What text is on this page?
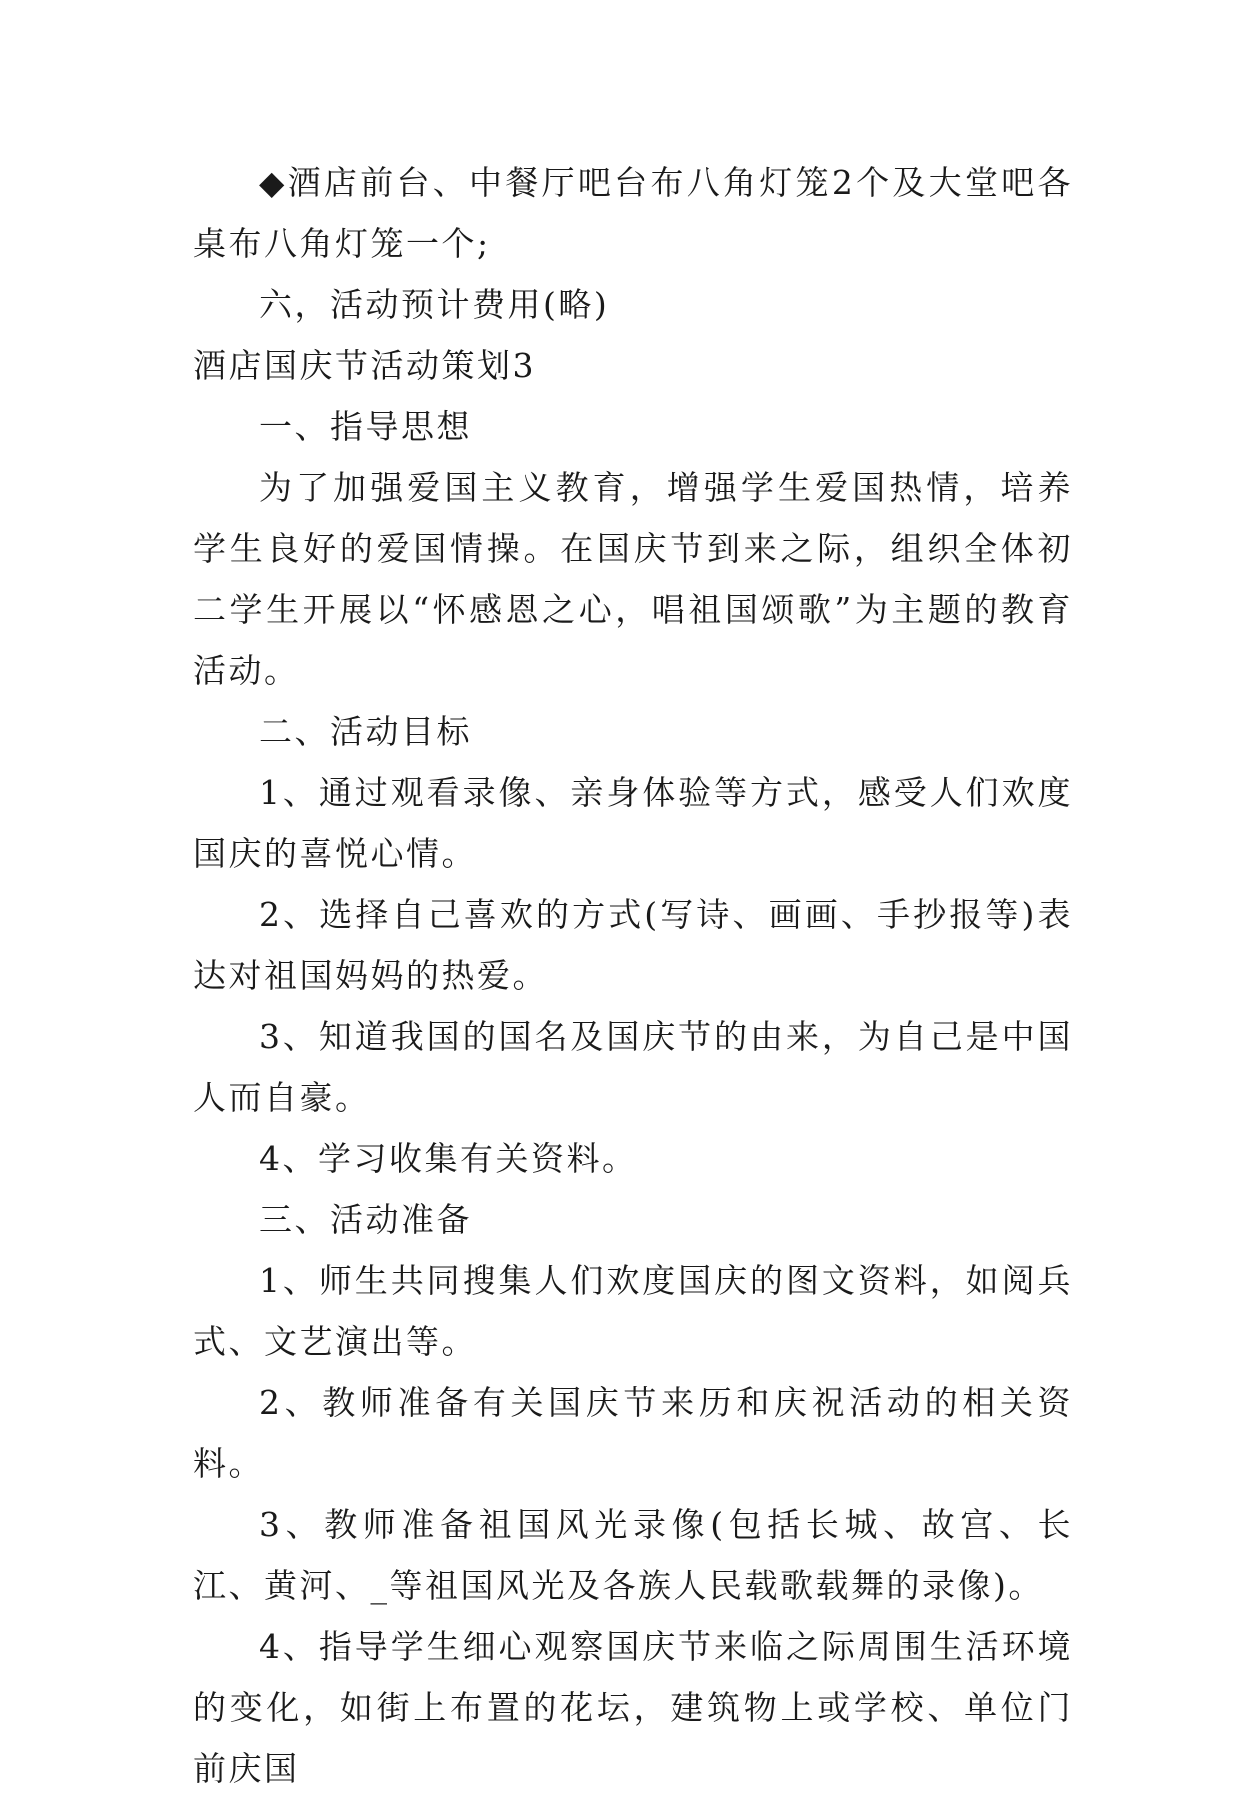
◆酒店前台、中餐厅吧台布八角灯笼2个及大堂吧各桌布八角灯笼一个;

六，活动预计费用(略)

酒店国庆节活动策划3

一、指导思想

为了加强爱国主义教育，增强学生爱国热情，培养学生良好的爱国情操。在国庆节到来之际，组织全体初二学生开展以“怀感恩之心，唱祖国颂歌”为主题的教育活动。

二、活动目标

1、通过观看录像、亲身体验等方式，感受人们欢度国庆的喜悦心情。

2、选择自己喜欢的方式(写诗、画画、手抄报等)表达对祖国妈妈的热爱。

3、知道我国的国名及国庆节的由来，为自己是中国人而自豪。

4、学习收集有关资料。

三、活动准备

1、师生共同搜集人们欢度国庆的图文资料，如阅兵式、文艺演出等。

2、教师准备有关国庆节来历和庆祝活动的相关资料。

3、教师准备祖国风光录像(包括长城、故宫、长江、黄河、_等祖国风光及各族人民载歌载舞的录像)。

4、指导学生细心观察国庆节来临之际周围生活环境的变化，如街上布置的花坛，建筑物上或学校、单位门前庆国
